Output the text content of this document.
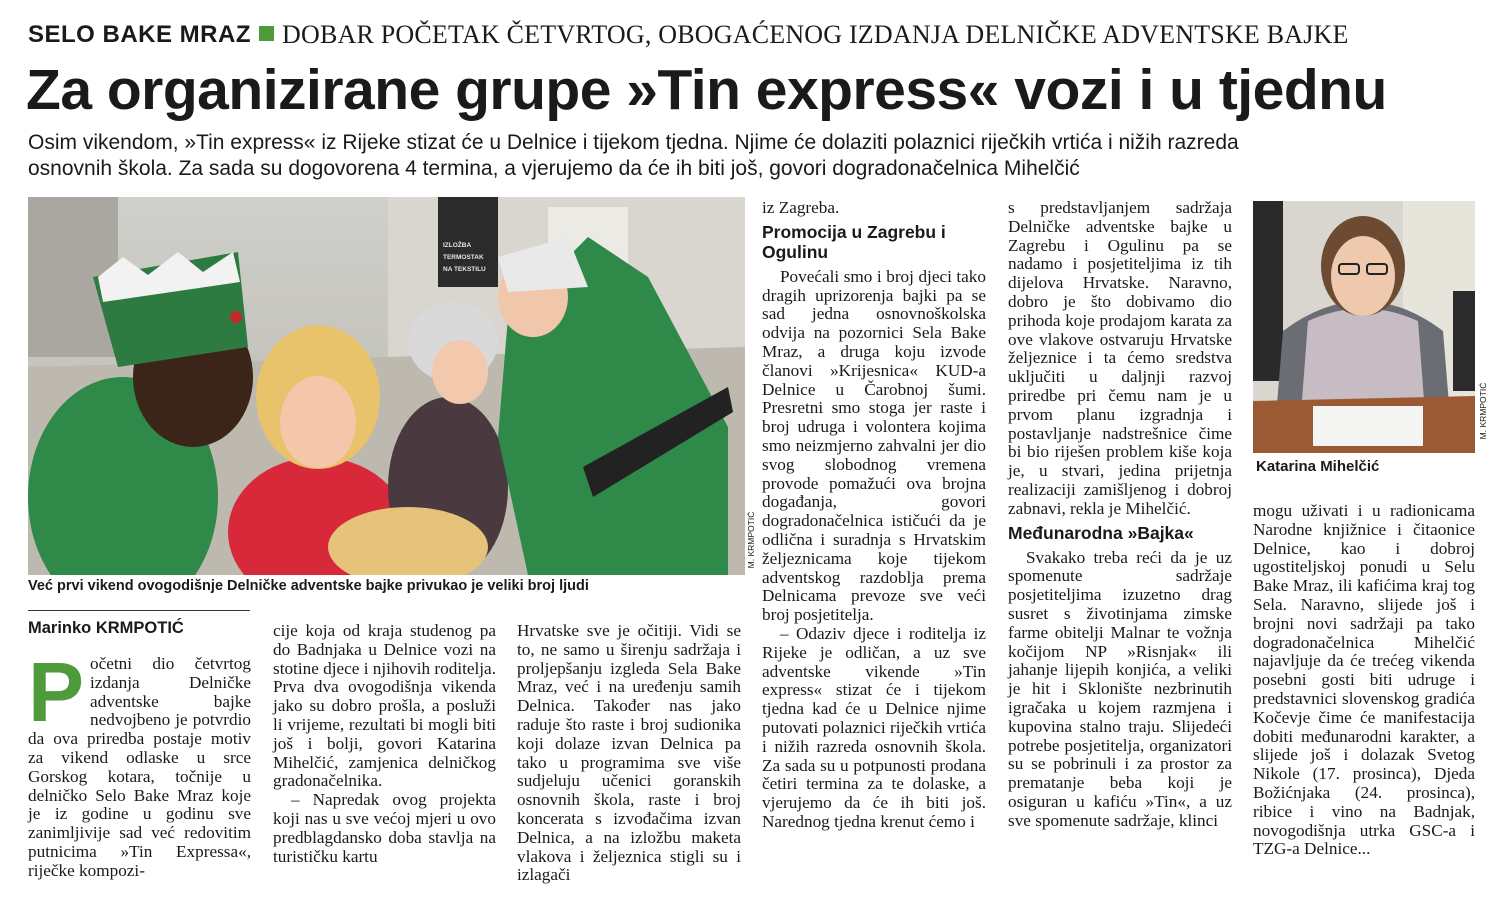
SELO BAKE MRAZ DOBAR POČETAK ČETVRTOG, OBOGAĆENOG IZDANJA DELNIČKE ADVENTSKE BAJKE
Za organizirane grupe »Tin express« vozi i u tjednu
Osim vikendom, »Tin express« iz Rijeke stizat će u Delnice i tijekom tjedna. Njime će dolaziti polaznici riječkih vrtića i nižih razreda
osnovnih škola. Za sada su dogovorena 4 termina, a vjerujemo da će ih biti još, govori dogradonačelnica Mihelčić
IZLOŽBA
TERMOSTAK
NA TEKSTILU
M. KRMPOTIĆ
Već prvi vikend ovogodišnje Delničke adventske bajke privukao je veliki broj ljudi
Marinko KRMPOTIĆ
P očetni dio četvrtog izdanja Delničke adventske bajke nedvojbeno je potvrdio da ova priredba postaje motiv za vikend odlaske u srce Gorskog kotara, točnije u delničko Selo Bake Mraz koje je iz godine u godinu sve zanimljivije sad već redovitim putnicima »Tin Expressa«, riječke kompozi-

cije koja od kraja studenog pa do Badnjaka u Delnice vozi na stotine djece i njihovih roditelja. Prva dva ovogodišnja vikenda jako su dobro prošla, a posluži li vrijeme, rezultati bi mogli biti još i bolji, govori Katarina Mihelčić, zamjenica delničkog gradonačelnika.

– Napredak ovog projekta koji nas u sve većoj mjeri u ovo predblagdansko doba stavlja na turističku kartu

Hrvatske sve je očitiji. Vidi se to, ne samo u širenju sadržaja i proljepšanju izgleda Sela Bake Mraz, već i na uređenju samih Delnica. Također nas jako raduje što raste i broj sudionika koji dolaze izvan Delnica pa tako u programima sve više sudjeluju učenici goranskih osnovnih škola, raste i broj koncerata s izvođačima izvan Delnica, a na izložbu maketa vlakova i željeznica stigli su i izlagači

iz Zagreba.

Promocija u Zagrebu i Ogulinu

Povećali smo i broj djeci tako dragih uprizorenja bajki pa se sad jedna osnovnoškolska odvija na pozornici Sela Bake Mraz, a druga koju izvode članovi »Krijesnica« KUD-a Delnice u Čarobnoj šumi. Presretni smo stoga jer raste i broj udruga i volontera kojima smo neizmjerno zahvalni jer dio svog slobodnog vremena provode pomažući ova brojna događanja, govori dogradonačelnica ističući da je odlična i suradnja s Hrvatskim željeznicama koje tijekom adventskog razdoblja prema Delnicama prevoze sve veći broj posjetitelja.

– Odaziv djece i roditelja iz Rijeke je odličan, a uz sve adventske vikende »Tin express« stizat će i tijekom tjedna kad će u Delnice njime putovati polaznici riječkih vrtića i nižih razreda osnovnih škola. Za sada su u potpunosti prodana četiri termina za te dolaske, a vjerujemo da će ih biti još. Narednog tjedna krenut ćemo i

s predstavljanjem sadržaja Delničke adventske bajke u Zagrebu i Ogulinu pa se nadamo i posjetiteljima iz tih dijelova Hrvatske. Naravno, dobro je što dobivamo dio prihoda koje prodajom karata za ove vlakove ostvaruju Hrvatske željeznice i ta ćemo sredstva uključiti u daljnji razvoj priredbe pri čemu nam je u prvom planu izgradnja i postavljanje nadstrešnice čime bi bio riješen problem kiše koja je, u stvari, jedina prijetnja realizaciji zamišljenog i dobroj zabnavi, rekla je Mihelčić.

Međunarodna »Bajka«

Svakako treba reći da je uz spomenute sadržaje posjetiteljima izuzetno drag susret s životinjama zimske farme obitelji Malnar te vožnja kočijom NP »Risnjak« ili jahanje lijepih konjića, a veliki je hit i Sklonište nezbrinutih igračaka u kojem razmjena i kupovina stalno traju. Slijedeći potrebe posjetitelja, organizatori su se pobrinuli i za prostor za prematanje beba koji je osiguran u kafiću »Tin«, a uz sve spomenute sadržaje, klinci

M. KRMPOTIĆ
Katarina Mihelčić

mogu uživati i u radionicama Narodne knjižnice i čitaonice Delnice, kao i dobroj ugostiteljskoj ponudi u Selu Bake Mraz, ili kafićima kraj tog Sela. Naravno, slijede još i brojni novi sadržaji pa tako dogradonačelnica Mihelčić najavljuje da će trećeg vikenda posebni gosti biti udruge i predstavnici slovenskog gradića Kočevje čime će manifestacija dobiti međunarodni karakter, a slijede još i dolazak Svetog Nikole (17. prosinca), Djeda Božićnjaka (24. prosinca), ribice i vino na Badnjak, novogodišnja utrka GSC-a i TZG-a Delnice...
